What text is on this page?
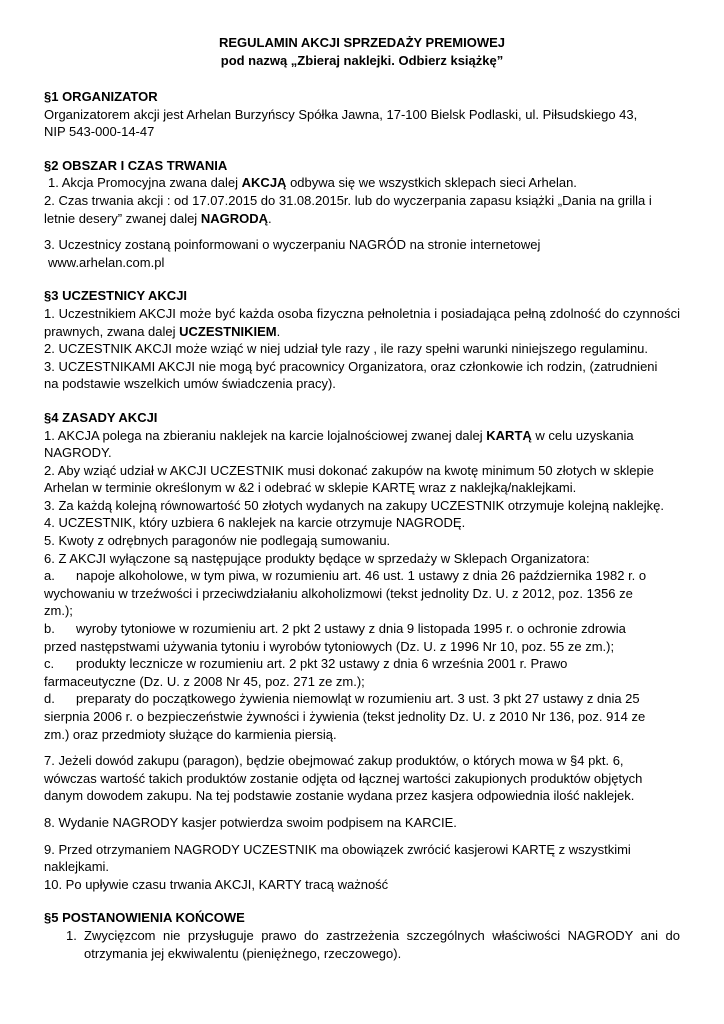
REGULAMIN AKCJI SPRZEDAŻY PREMIOWEJ
pod nazwą „Zbieraj naklejki. Odbierz książkę”

§1 ORGANIZATOR

Organizatorem akcji jest Arhelan Burzyńscy Spółka Jawna, 17-100 Bielsk Podlaski, ul. Piłsudskiego 43,

NIP 543-000-14-47

§2 OBSZAR I CZAS TRWANIA

1. Akcja Promocyjna zwana dalej AKCJĄ odbywa się we wszystkich sklepach sieci Arhelan.

2. Czas trwania akcji : od 17.07.2015 do 31.08.2015r. lub do wyczerpania zapasu książki „Dania na grilla i letnie desery” zwanej dalej NAGRODĄ.

3. Uczestnicy zostaną poinformowani o wyczerpaniu NAGRÓD na stronie internetowej

www.arhelan.com.pl

§3 UCZESTNICY AKCJI

1. Uczestnikiem AKCJI może być każda osoba fizyczna pełnoletnia i posiadająca pełną zdolność do czynności prawnych, zwana dalej UCZESTNIKIEM.

2. UCZESTNIK AKCJI może wziąć w niej udział tyle razy , ile razy spełni warunki niniejszego regulaminu.

3. UCZESTNIKAMI AKCJI nie mogą być pracownicy Organizatora, oraz członkowie ich rodzin, (zatrudnieni

na podstawie wszelkich umów świadczenia pracy).

§4 ZASADY AKCJI

1. AKCJA polega na zbieraniu naklejek na karcie lojalnościowej zwanej dalej KARTĄ w celu uzyskania NAGRODY.

2. Aby wziąć udział w AKCJI UCZESTNIK musi dokonać zakupów na kwotę minimum 50 złotych w sklepie

Arhelan w terminie określonym w &2 i odebrać w sklepie KARTĘ wraz z naklejką/naklejkami.

3. Za każdą kolejną równowartość 50 złotych wydanych na zakupy UCZESTNIK otrzymuje kolejną naklejkę.

4. UCZESTNIK, który uzbiera 6 naklejek na karcie otrzymuje NAGRODĘ.

5. Kwoty z odrębnych paragonów nie podlegają sumowaniu.

6. Z AKCJI wyłączone są następujące produkty będące w sprzedaży w Sklepach Organizatora:

a. napoje alkoholowe, w tym piwa, w rozumieniu art. 46 ust. 1 ustawy z dnia 26 października 1982 r. o

wychowaniu w trzeźwości i przeciwdziałaniu alkoholizmowi (tekst jednolity Dz. U. z 2012, poz. 1356 ze

zm.);

b. wyroby tytoniowe w rozumieniu art. 2 pkt 2 ustawy z dnia 9 listopada 1995 r. o ochronie zdrowia

przed następstwami używania tytoniu i wyrobów tytoniowych (Dz. U. z 1996 Nr 10, poz. 55 ze zm.);

c. produkty lecznicze w rozumieniu art. 2 pkt 32 ustawy z dnia 6 września 2001 r. Prawo

farmaceutyczne (Dz. U. z 2008 Nr 45, poz. 271 ze zm.);

d. preparaty do początkowego żywienia niemowląt w rozumieniu art. 3 ust. 3 pkt 27 ustawy z dnia 25

sierpnia 2006 r. o bezpieczeństwie żywności i żywienia (tekst jednolity Dz. U. z 2010 Nr 136, poz. 914 ze

zm.) oraz przedmioty służące do karmienia piersią.

7. Jeżeli dowód zakupu (paragon), będzie obejmować zakup produktów, o których mowa w §4 pkt. 6,

wówczas wartość takich produktów zostanie odjęta od łącznej wartości zakupionych produktów objętych

danym dowodem zakupu. Na tej podstawie zostanie wydana przez kasjera odpowiednia ilość naklejek.

8. Wydanie NAGRODY kasjer potwierdza swoim podpisem na KARCIE.

9. Przed otrzymaniem NAGRODY UCZESTNIK ma obowiązek zwrócić kasjerowi KARTĘ z wszystkimi

naklejkami.

10. Po upływie czasu trwania AKCJI, KARTY tracą ważność

§5 POSTANOWIENIA KOŃCOWE

1. Zwycięzcom nie przysługuje prawo do zastrzeżenia szczególnych właściwości NAGRODY ani do otrzymania jej ekwiwalentu (pieniężnego, rzeczowego).
